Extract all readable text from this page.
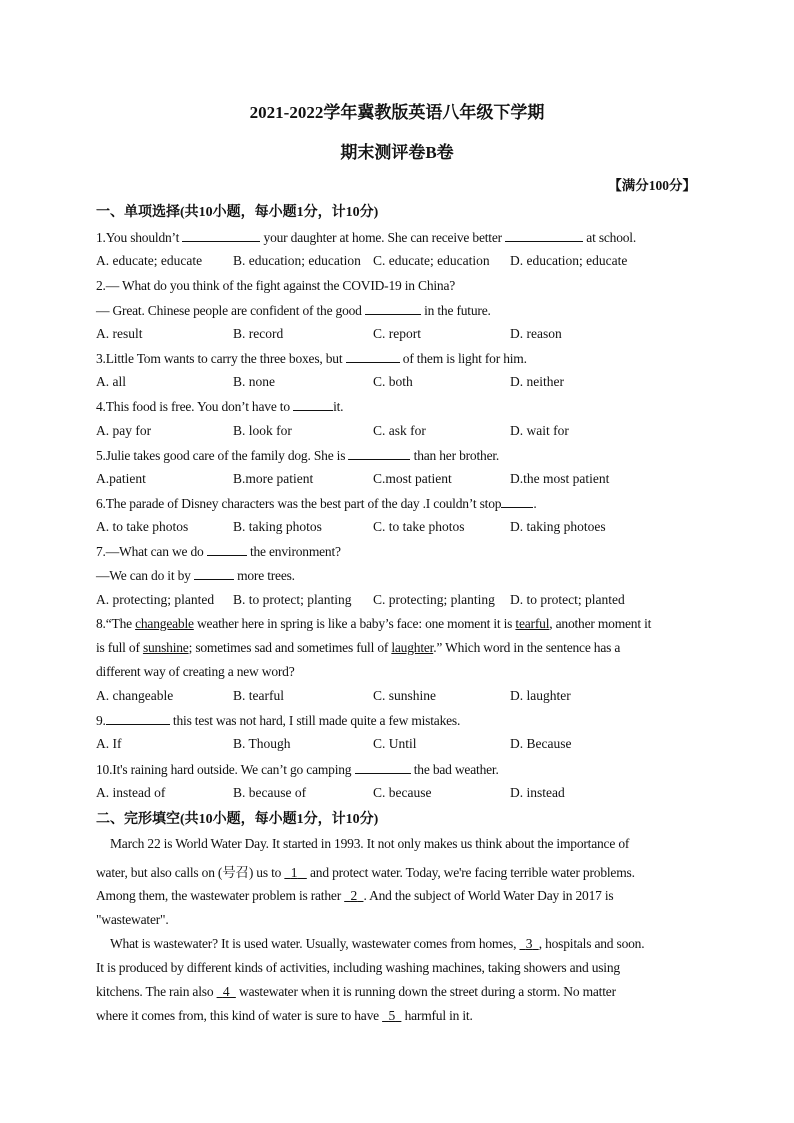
2021-2022学年冀教版英语八年级下学期
期末测评卷B卷
【满分100分】
一、单项选择(共10小题，每小题1分，计10分)
1.You shouldn’t	your daughter at home. She can receive better	at school.
A. educate; educate B. education; education C. educate; education D. education; educate
2.— What do you think of the fight against the COVID-19 in China?
— Great. Chinese people are confident of the good	in the future.
A. result	B. record	C. report	D. reason
3.Little Tom wants to carry the three boxes, but	of them is light for him.
A. all	B. none	C. both	D. neither
4.This food is free. You don’t have to	it.
A. pay for	B. look for	C. ask for	D. wait for
5.Julie takes good care of the family dog. She is	than her brother.
A.patient	B.more patient	C.most patient	D.the most patient
6.The parade of Disney characters was the best part of the day .I couldn’t stop .
A. to take photos	B. taking photos	C. to take photos	D. taking photoes
7.—What can we do	the environment?
—We can do it by	more trees.
A. protecting; planted B. to protect; planting C. protecting; planting D. to protect; planted
8.“The changeable weather here in spring is like a baby’s face: one moment it is tearful, another moment it
is full of sunshine; sometimes sad and sometimes full of laughter.” Which word in the sentence has a
different way of creating a new word?
A. changeable	B. tearful	C. sunshine	D. laughter
9.	this test was not hard, I still made quite a few mistakes.
A. If	B. Though	C. Until	D. Because
10.It's raining hard outside. We can’t go camping	the bad weather.
A. instead of	B. because of	C. because	D. instead
二、完形填空(共10小题，每小题1分，计10分)
March 22 is World Water Day. It started in 1993. It not only makes us think about the importance of
water, but also calls on (号召) us to 1 and protect water. Today, we're facing terrible water problems.
Among them, the wastewater problem is rather 2 . And the subject of World Water Day in 2017 is
"wastewater".
What is wastewater? It is used water. Usually, wastewater comes from homes, 3 , hospitals and soon.
It is produced by different kinds of activities, including washing machines, taking showers and using
kitchens. The rain also 4 wastewater when it is running down the street during a storm. No matter
where it comes from, this kind of water is sure to have 5 harmful in it.
